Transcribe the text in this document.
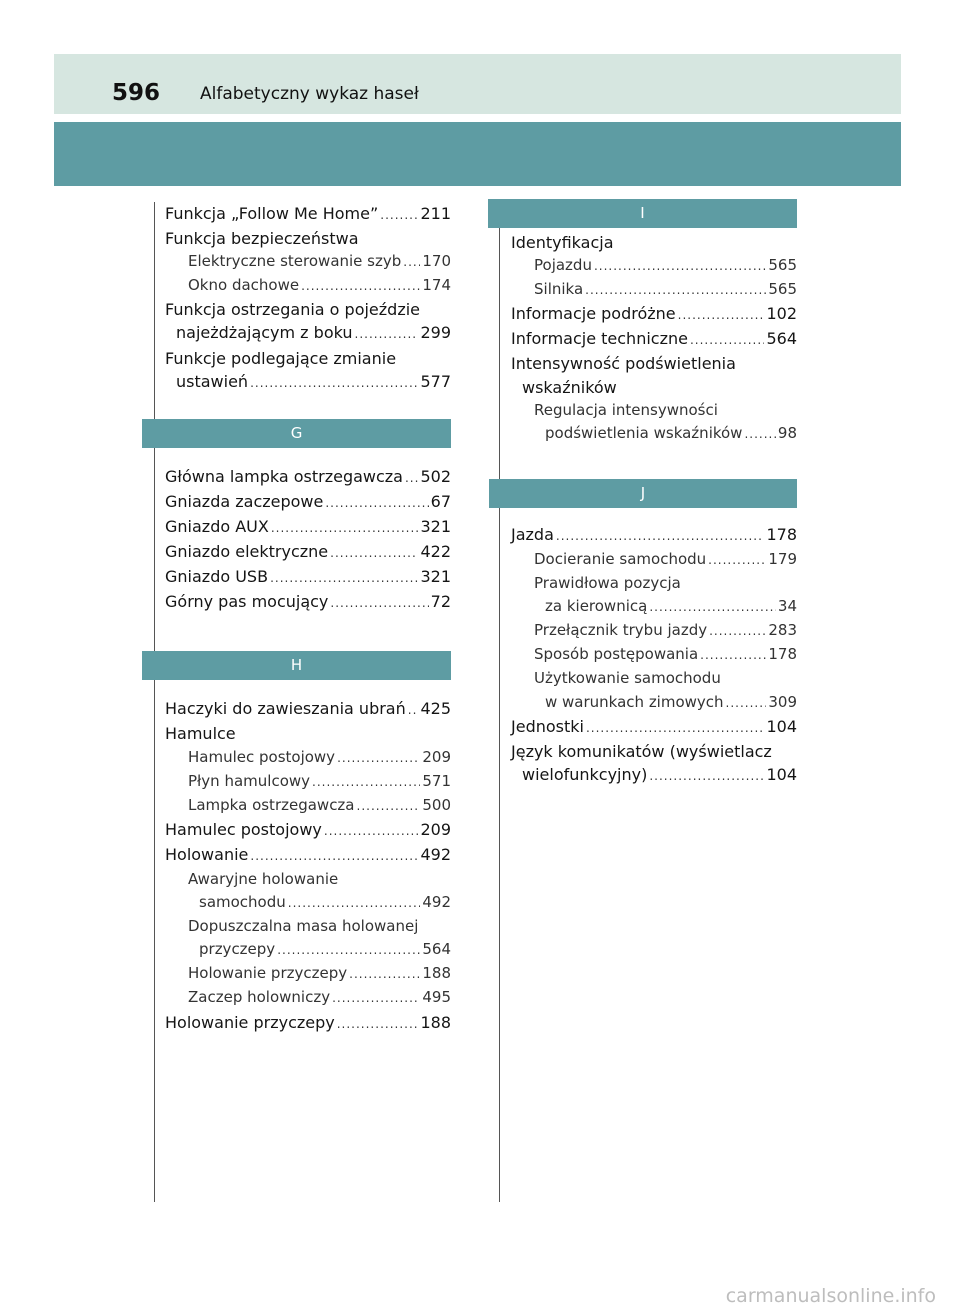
596 Alfabetyczny wykaz haseł
Funkcja „Follow Me Home” .....	211
Funkcja bezpieczeństwa
Elektryczne sterowanie szyb ..... 170
Okno dachowe .....	174
Funkcja ostrzegania o pojeździe
najeżdżającym z boku .....	299
Funkcje podlegające zmianie
ustawień .....	577
G
Główna lampka ostrzegawcza ..... 502
Gniazda zaczepowe .....	67
Gniazdo AUX .....	321
Gniazdo elektryczne .....	422
Gniazdo USB .....	321
Górny pas mocujący .....	72
H
Haczyki do zawieszania ubrań ..... 425
Hamulce
Hamulec postojowy .....	209
Płyn hamulcowy .....	571
Lampka ostrzegawcza .....	500
Hamulec postojowy .....	209
Holowanie .....	492
Awaryjne holowanie
samochodu .....	492
Dopuszczalna masa holowanej
przyczepy .....	564
Holowanie przyczepy .....	188
Zaczep holowniczy .....	495
Holowanie przyczepy .....	188
I
Identyfikacja
Pojazdu .....	565
Silnika .....	565
Informacje podróżne .....	102
Informacje techniczne .....	564
Intensywność podświetlenia
wskaźników
Regulacja intensywności
podświetlenia wskaźników ..... 98
J
Jazda .....	178
Docieranie samochodu .....	179
Prawidłowa pozycja
za kierownicą .....	34
Przełącznik trybu jazdy .....	283
Sposób postępowania .....	178
Użytkowanie samochodu
w warunkach zimowych .....	309
Jednostki .....	104
Język komunikatów (wyświetlacz
wielofunkcyjny) .....	104
carmanualsonline.info
